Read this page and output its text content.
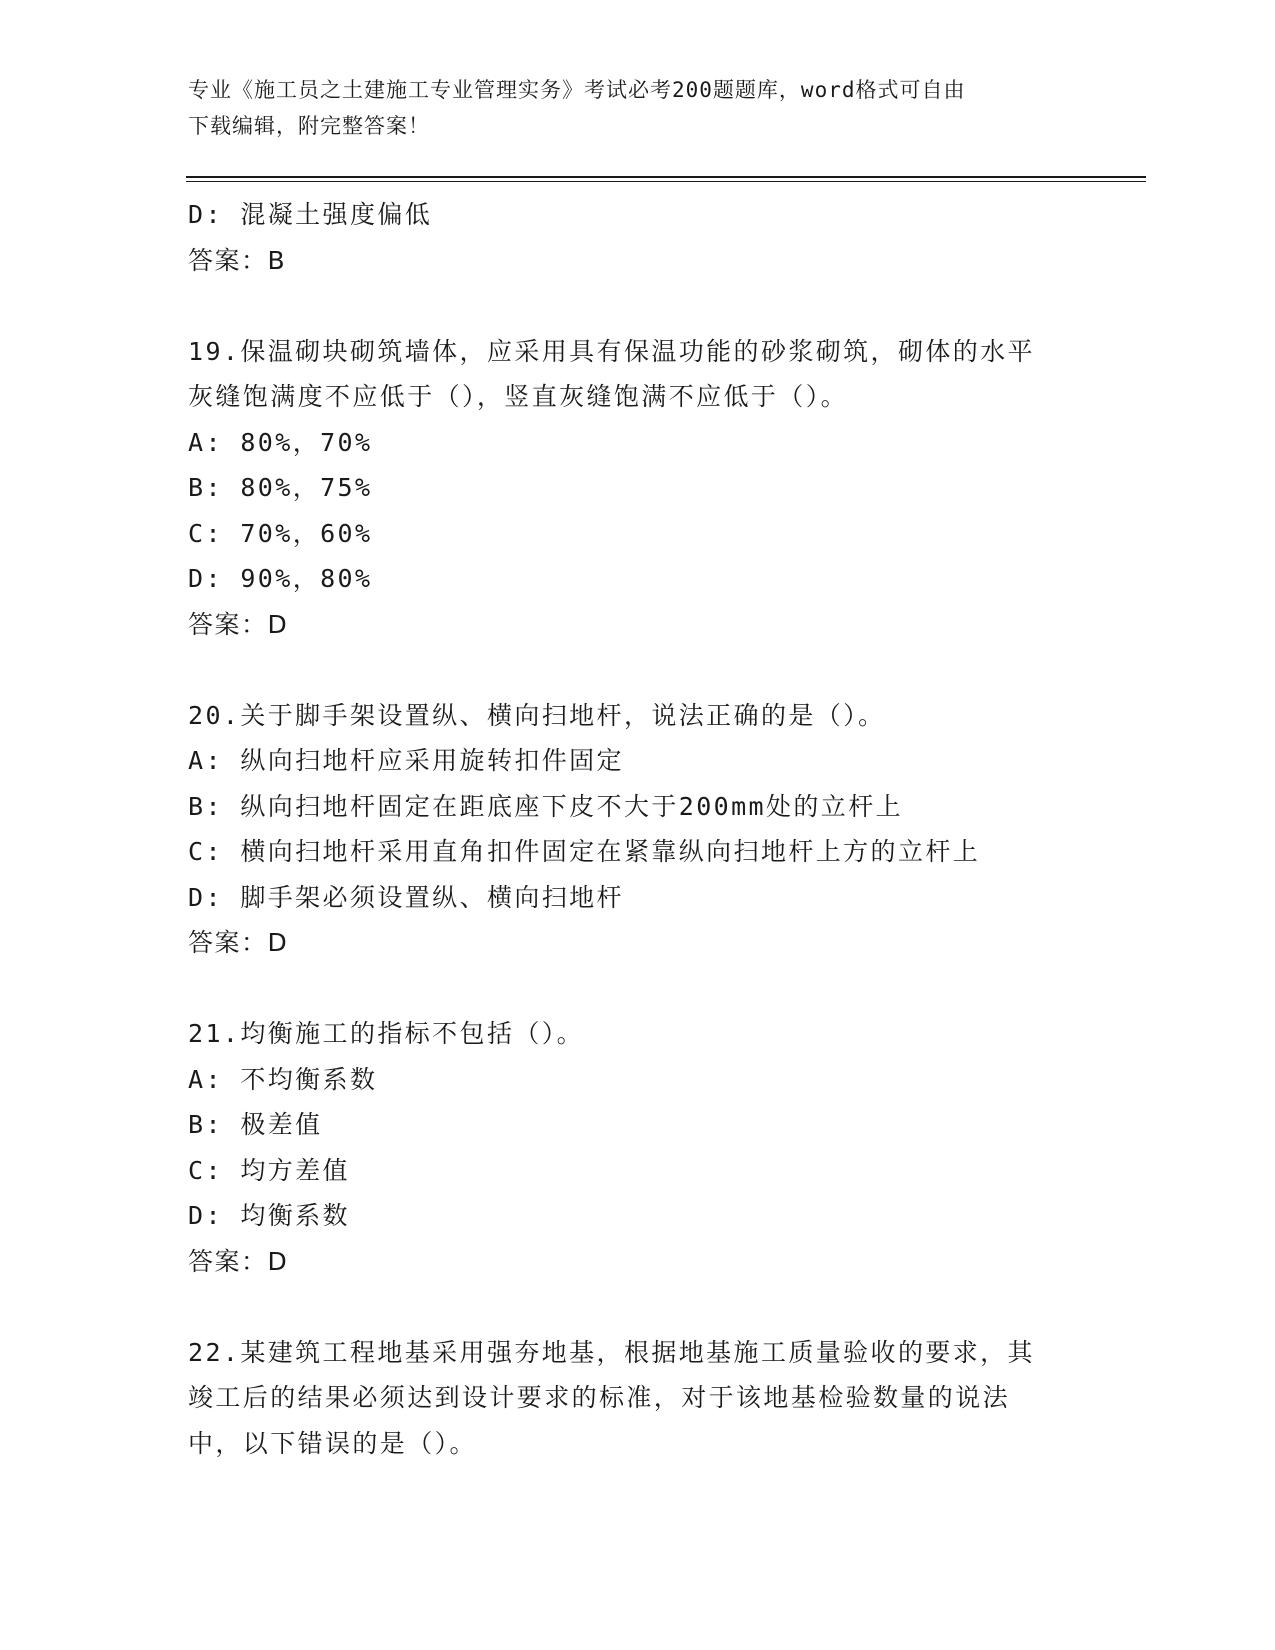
专业《施工员之土建施工专业管理实务》考试必考200题题库，word格式可自由
下载编辑，附完整答案！
D: 混凝土强度偏低
答案：B
19.保温砌块砌筑墙体，应采用具有保温功能的砂浆砌筑，砌体的水平
灰缝饱满度不应低于（），竖直灰缝饱满不应低于（）。
A: 80%，70%
B: 80%，75%
C: 70%，60%
D: 90%，80%
答案：D
20.关于脚手架设置纵、横向扫地杆，说法正确的是（）。
A: 纵向扫地杆应采用旋转扣件固定
B: 纵向扫地杆固定在距底座下皮不大于200mm处的立杆上
C: 横向扫地杆采用直角扣件固定在紧靠纵向扫地杆上方的立杆上
D: 脚手架必须设置纵、横向扫地杆
答案：D
21.均衡施工的指标不包括（）。
A: 不均衡系数
B: 极差值
C: 均方差值
D: 均衡系数
答案：D
22.某建筑工程地基采用强夯地基，根据地基施工质量验收的要求，其
竣工后的结果必须达到设计要求的标准，对于该地基检验数量的说法
中，以下错误的是（）。
